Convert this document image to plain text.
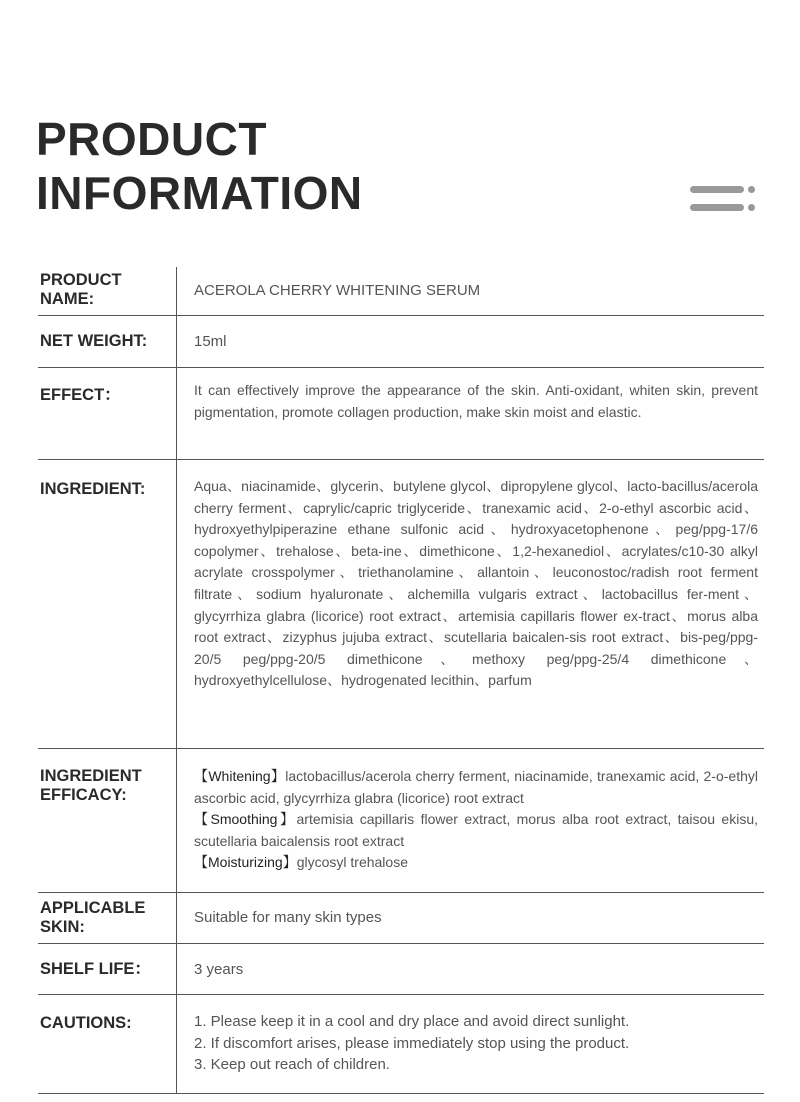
PRODUCT
INFORMATION
PRODUCT NAME:	ACEROLA CHERRY WHITENING SERUM
NET WEIGHT:	15ml
EFFECT：	It can effectively improve the appearance of the skin. Anti-oxidant, whiten skin, prevent pigmentation, promote collagen production, make skin moist and elastic.
INGREDIENT:	Aqua、niacinamide、glycerin、butylene glycol、dipropylene glycol、lacto-bacillus/acerola cherry ferment、caprylic/capric triglyceride、tranexamic acid、2-o-ethyl ascorbic acid、hydroxyethylpiperazine ethane sulfonic acid、hydroxyacetophenone、peg/ppg-17/6 copolymer、trehalose、beta-ine、dimethicone、1,2-hexanediol、acrylates/c10-30 alkyl acrylate crosspolymer、triethanolamine、allantoin、leuconostoc/radish root ferment filtrate、sodium hyaluronate、alchemilla vulgaris extract、lactobacillus fer-ment、glycyrrhiza glabra (licorice) root extract、artemisia capillaris flower ex-tract、morus alba root extract、zizyphus jujuba extract、scutellaria baicalen-sis root extract、bis-peg/ppg-20/5 peg/ppg-20/5 dimethicone、methoxy peg/ppg-25/4 dimethicone、hydroxyethylcellulose、hydrogenated lecithin、parfum
INGREDIENT EFFICACY:

【Whitening】lactobacillus/acerola cherry ferment, niacinamide, tranexamic acid, 2-o-ethyl ascorbic acid, glycyrrhiza glabra (licorice) root extract

【Smoothing】artemisia capillaris flower extract, morus alba root extract, taisou ekisu, scutellaria baicalensis root extract

【Moisturizing】glycosyl trehalose

APPLICABLE SKIN:
Suitable for many skin types
SHELF LIFE：	3 years
CAUTIONS:	1. Please keep it in a cool and dry place and avoid direct sunlight.

2. If discomfort arises, please immediately stop using the product.

3. Keep out reach of children.
